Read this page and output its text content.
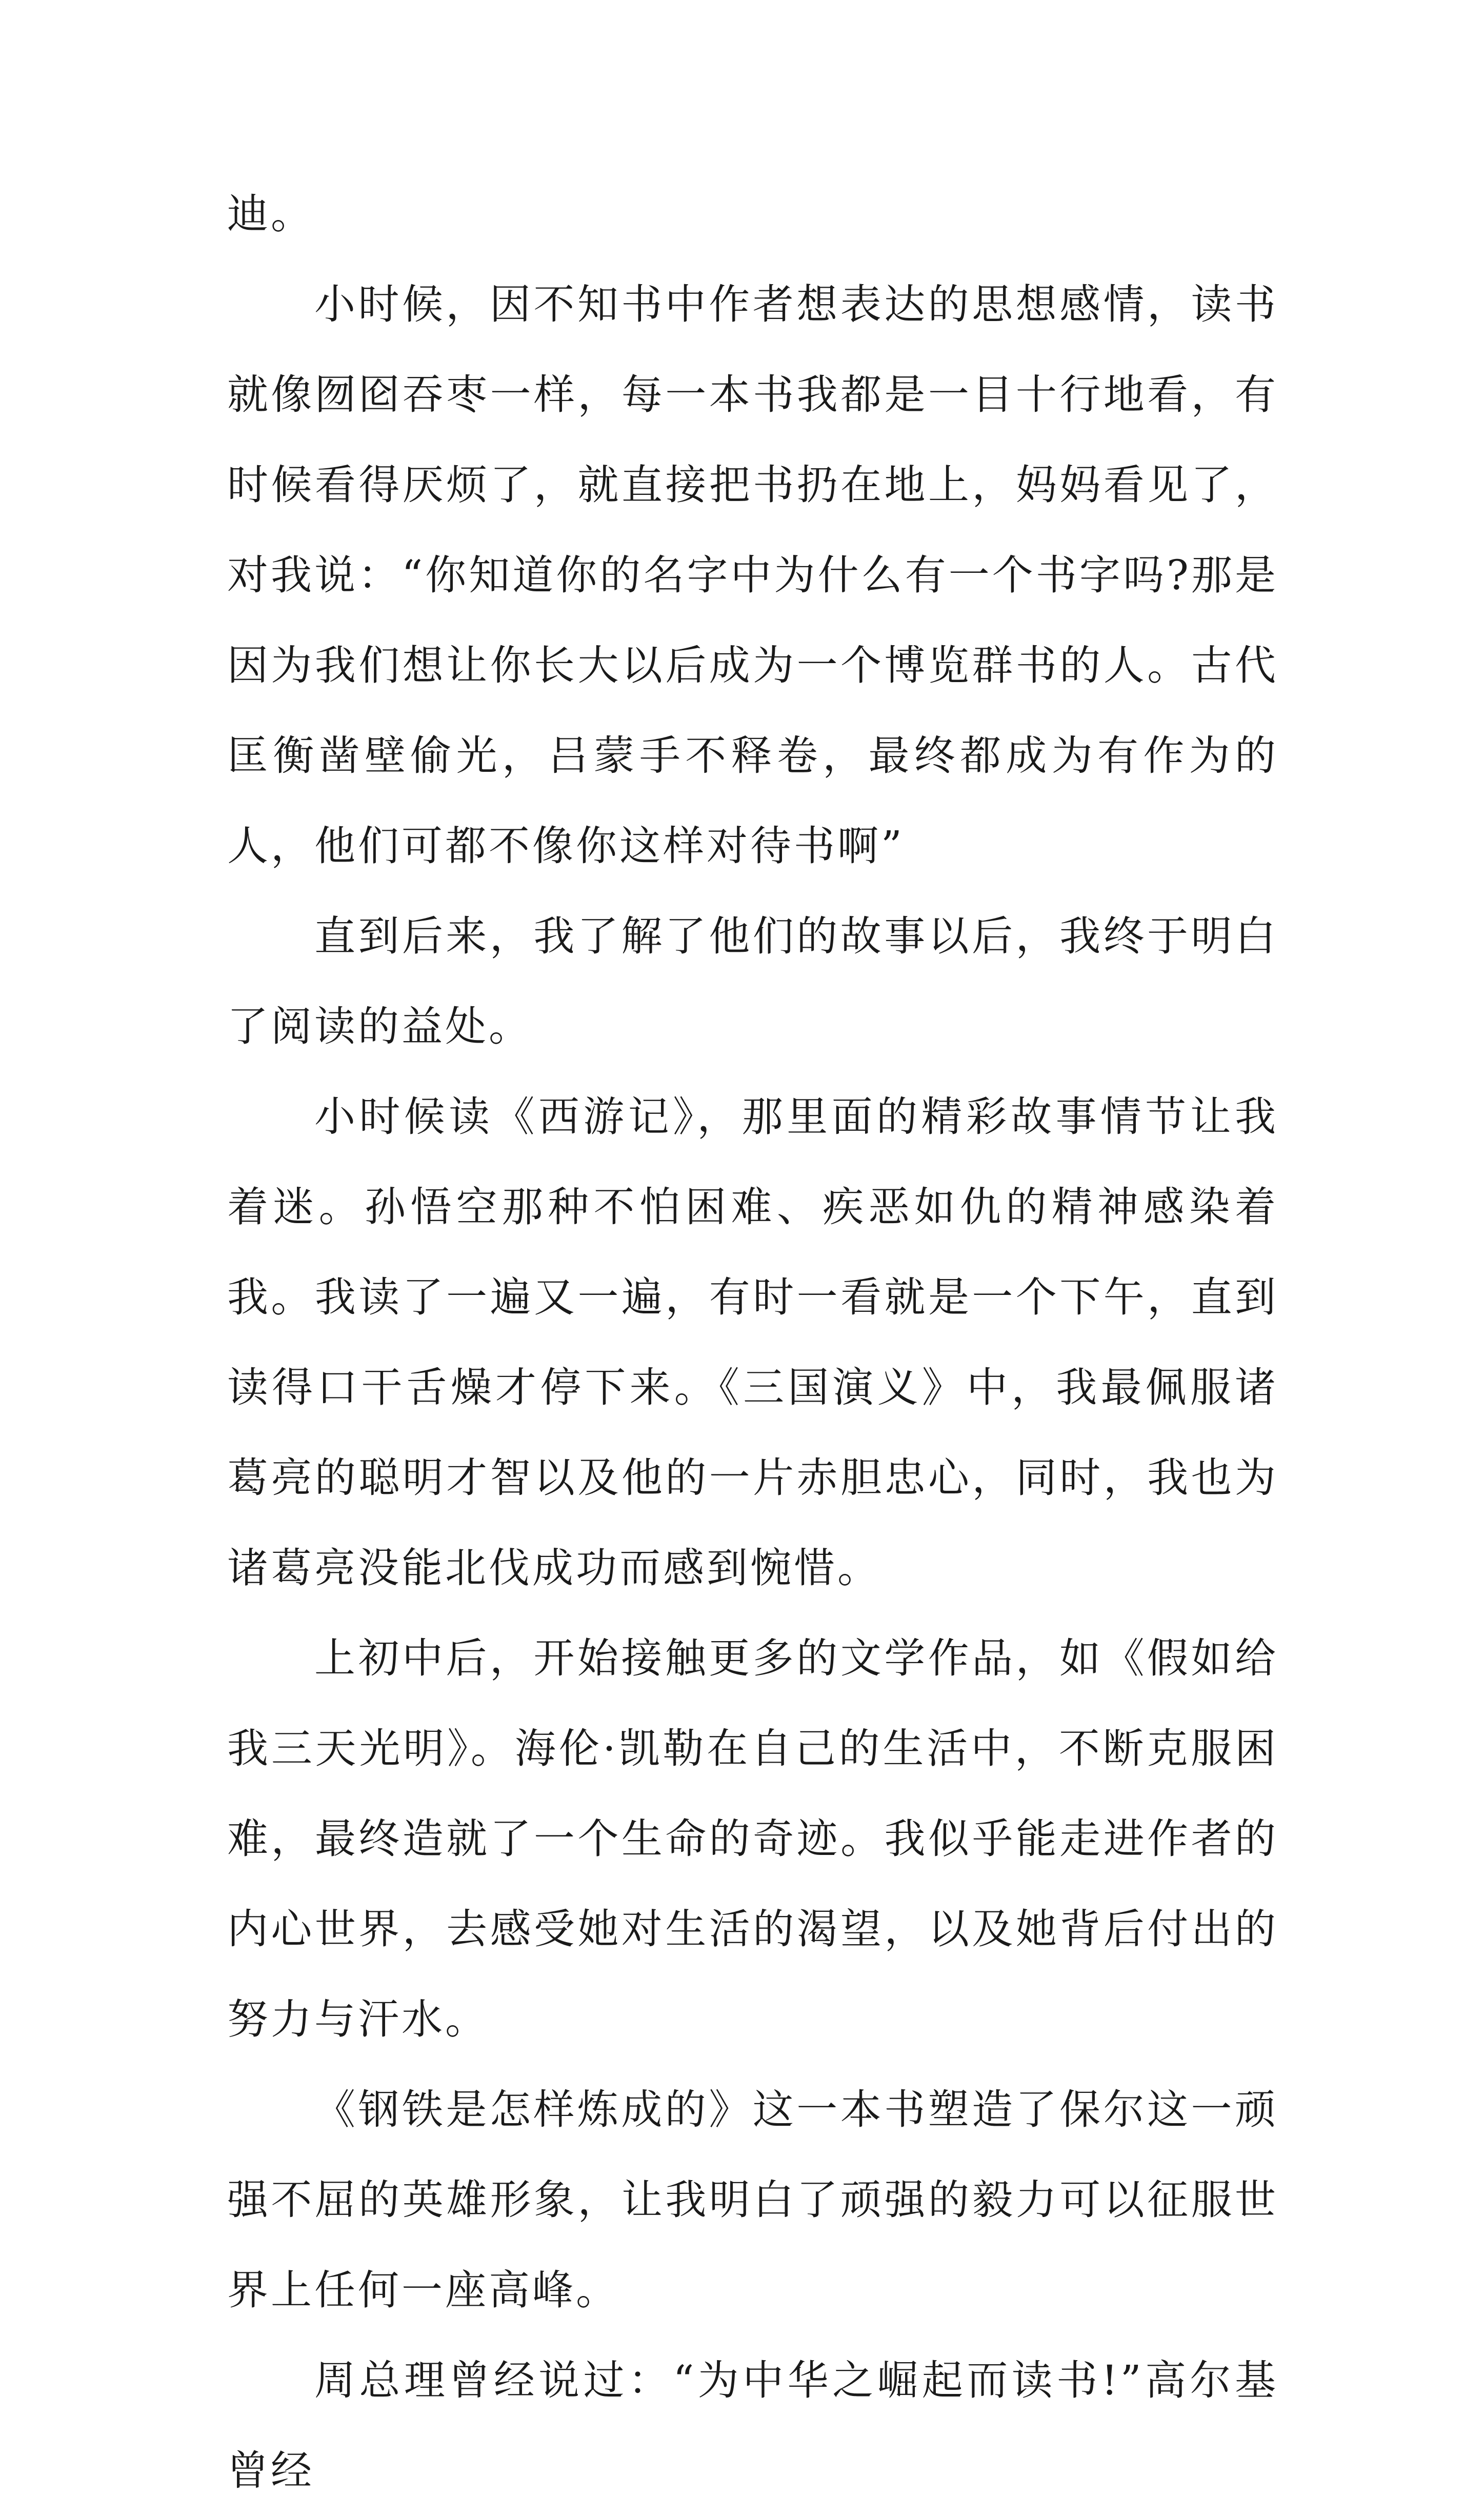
迪。

小时候，因不知书中作者想表达的思想感情，读书就像囫囵吞枣一样，每一本书我都是一目十行地看，有时候看得厌烦了，就直接把书扔在地上，妈妈看见了，对我说：“你知道你的名字中为什么有一个书字吗?那是因为我们想让你长大以后成为一个博览群书的人。古代匡衡凿壁偷光，吕蒙手不释卷，最终都成为有作为的人，他们可都不像你这样对待书啊”

直到后来，我了解了他们的故事以后，我终于明白了阅读的益处。

小时候读《西游记》，那里面的精彩故事情节让我着迷。孙悟空那种不怕困难、疾恶如仇的精神感染着我。我读了一遍又一遍，有时一看就是一个下午，直到读得口干舌燥才停下来。《三国演义》中，我最佩服诸葛亮的聪明才智以及他的一片赤胆忠心，同时，我也为诸葛亮没能北伐成功而感到惋惜。

上初中后，开始接触更多的文学作品，如《假如给我三天光明》。海伦·凯勒在自己的生活中，不断克服困难，最终造就了一个生命的奇迹。我似乎能走进作者的内心世界，去感受她对生活的渴望，以及她背后付出的努力与汗水。

《钢铁是怎样炼成的》这一本书塑造了保尔这一顽强不屈的英雄形象，让我明白了顽强的毅力可以征服世界上任何一座高峰。

周总理曾经说过：“为中华之崛起而读书!”高尔基曾经
